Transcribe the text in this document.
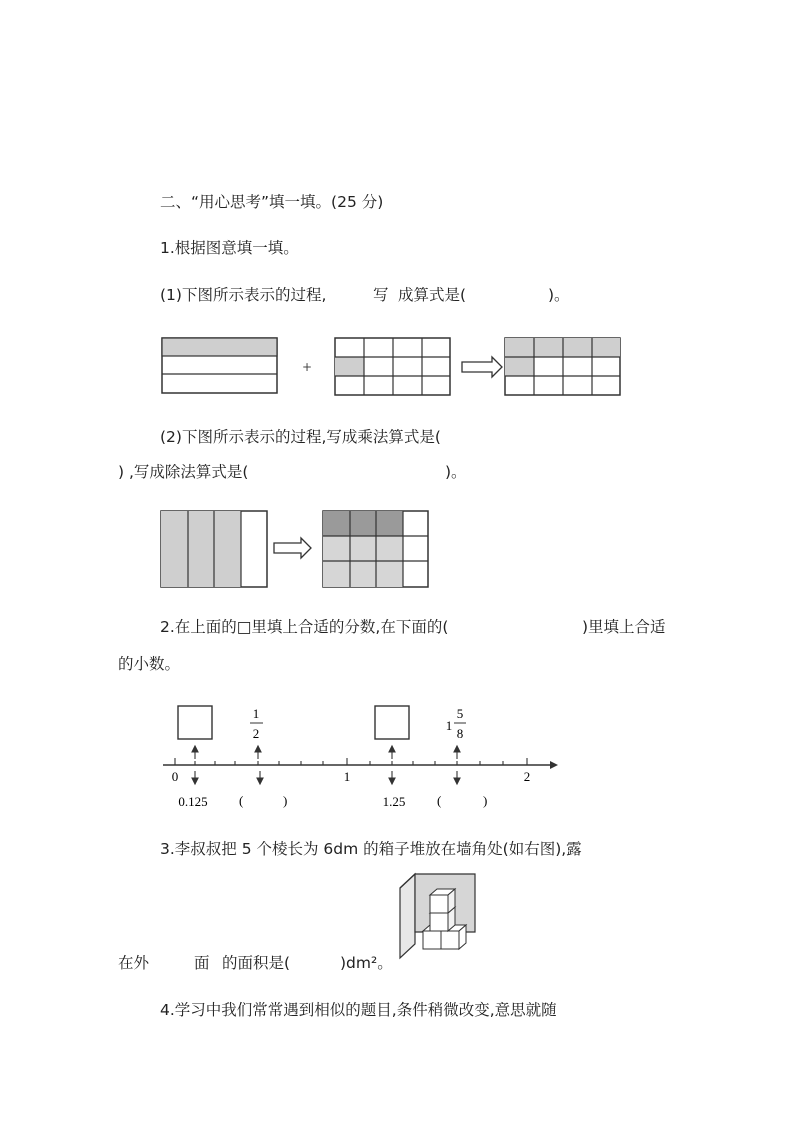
二、“用心思考”填一填。(25 分)
1.根据图意填一填。
(1)下图所示表示的过程,	写 成算式是(	)。
+
(2)下图所示表示的过程,写成乘法算式是(
) ,写成除法算式是(	)。
2.在上面的□里填上合适的分数,在下面的(	)里填上合适
的小数。
1
2
1
5
8
0	1	2
0.125 (	)	1.25 (	)
3.李叔叔把 5 个棱长为 6dm 的箱子堆放在墙角处(如右图),露
在外	面 的面积是(	)dm²。
4.学习中我们常常遇到相似的题目,条件稍微改变,意思就随
